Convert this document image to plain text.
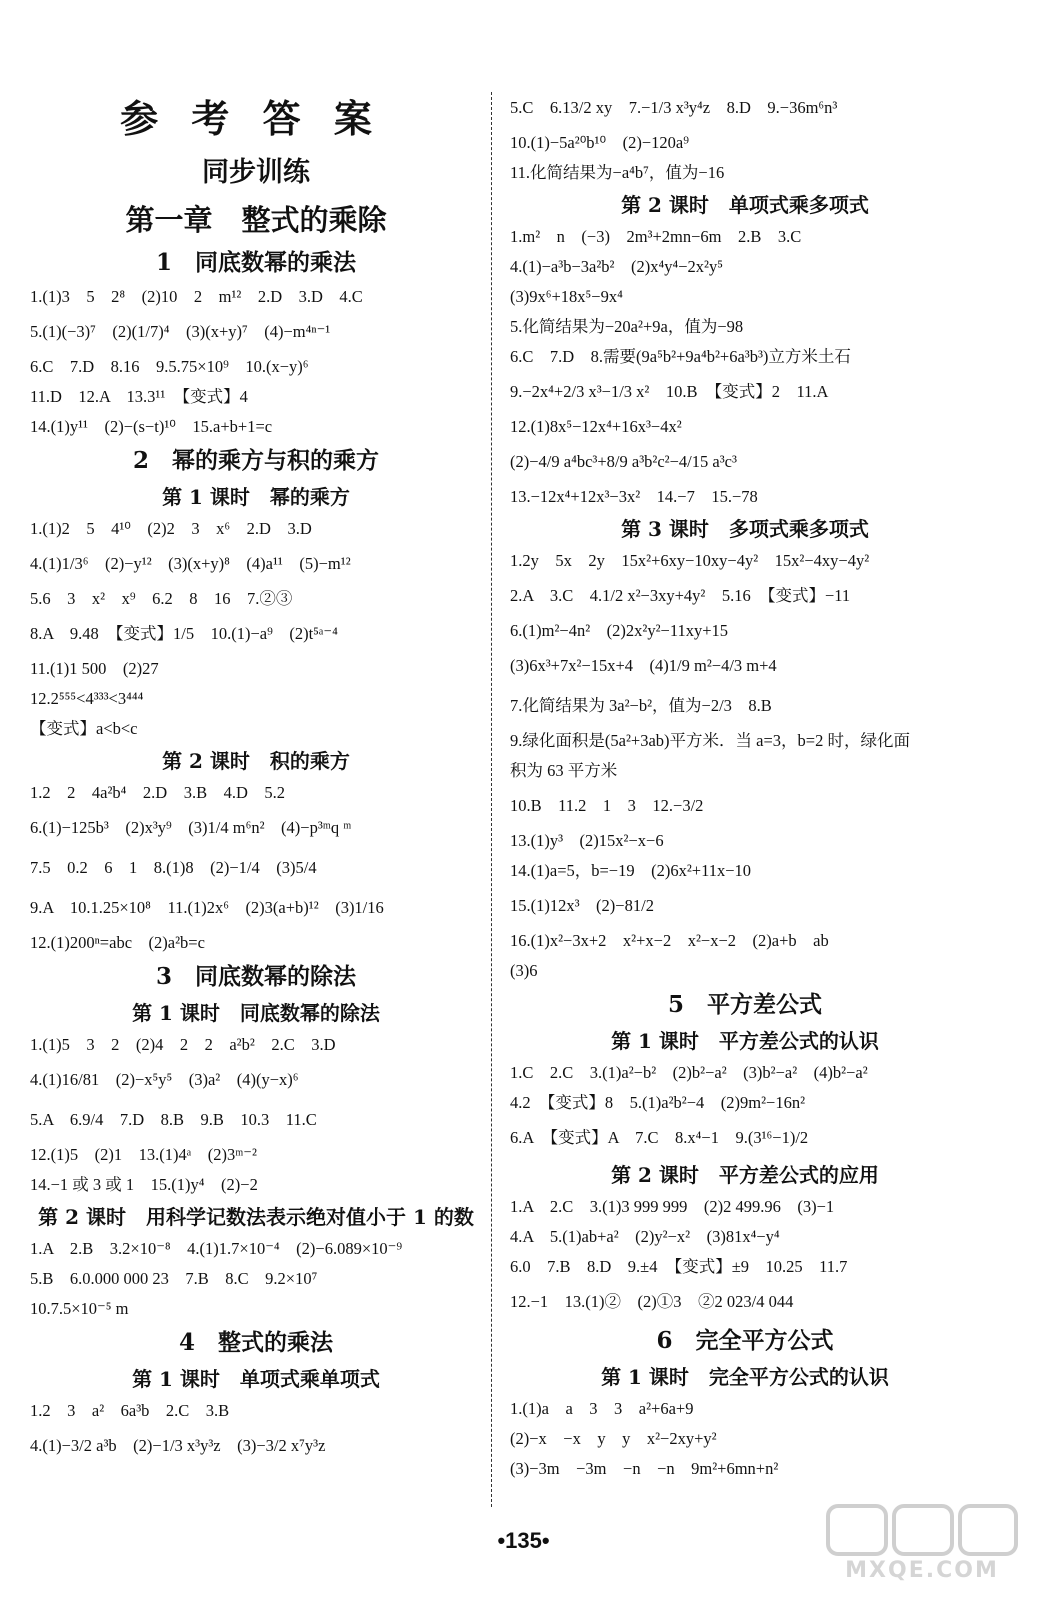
参 考 答 案
同步训练
第一章　整式的乘除
1　同底数幂的乘法
1.(1)3　5　2⁸　(2)10　2　m¹²　2.D　3.D　4.C
5.(1)(−3)⁷　(2)(1/7)⁴　(3)(x+y)⁷　(4)−m⁴ⁿ⁻¹
6.C　7.D　8.16　9.5.75×10⁹　10.(x−y)⁶
11.D　12.A　13.3¹¹　【变式】4
14.(1)y¹¹　(2)−(s−t)¹⁰　15.a+b+1=c
2　幂的乘方与积的乘方
第 1 课时　幂的乘方
1.(1)2　5　4¹⁰　(2)2　3　x⁶　2.D　3.D
4.(1)1/3⁶　(2)−y¹²　(3)(x+y)⁸　(4)a¹¹　(5)−m¹²
5.6　3　x²　x⁹　6.2　8　16　7.②③
8.A　9.48　【变式】1/5　10.(1)−a⁹　(2)t⁵ᵃ⁻⁴
11.(1)1 500　(2)27
12.2⁵⁵⁵<4³³³<3⁴⁴⁴
【变式】a<b<c
第 2 课时　积的乘方
1.2　2　4a²b⁴　2.D　3.B　4.D　5.2
6.(1)−125b³　(2)x³y⁹　(3)1/4 m⁶n²　(4)−p³ᵐq ᵐ
7.5　0.2　6　1　8.(1)8　(2)−1/4　(3)5/4
9.A　10.1.25×10⁸　11.(1)2x⁶　(2)3(a+b)¹²　(3)1/16
12.(1)200ⁿ=abc　(2)a²b=c
3　同底数幂的除法
第 1 课时　同底数幂的除法
1.(1)5　3　2　(2)4　2　2　a²b²　2.C　3.D
4.(1)16/81　(2)−x⁵y⁵　(3)a²　(4)(y−x)⁶
5.A　6.9/4　7.D　8.B　9.B　10.3　11.C
12.(1)5　(2)1　13.(1)4ᵃ　(2)3ᵐ⁻²
14.−1 或 3 或 1　15.(1)y⁴　(2)−2
第 2 课时　用科学记数法表示绝对值小于 1 的数
1.A　2.B　3.2×10⁻⁸　4.(1)1.7×10⁻⁴　(2)−6.089×10⁻⁹
5.B　6.0.000 000 23　7.B　8.C　9.2×10⁷
10.7.5×10⁻⁵ m
4　整式的乘法
第 1 课时　单项式乘单项式
1.2　3　a²　6a³b　2.C　3.B
4.(1)−3/2 a³b　(2)−1/3 x³y³z　(3)−3/2 x⁷y³z
5.C　6.13/2 xy　7.−1/3 x³y⁴z　8.D　9.−36m⁶n³
10.(1)−5a²⁰b¹⁰　(2)−120a⁹
11.化简结果为−a⁴b⁷，值为−16
第 2 课时　单项式乘多项式
1.m²　n　(−3)　2m³+2mn−6m　2.B　3.C
4.(1)−a³b−3a²b²　(2)x⁴y⁴−2x²y⁵
(3)9x⁶+18x⁵−9x⁴
5.化简结果为−20a²+9a，值为−98
6.C　7.D　8.需要(9a⁵b²+9a⁴b²+6a³b³)立方米土石
9.−2x⁴+2/3 x³−1/3 x²　10.B　【变式】2　11.A
12.(1)8x⁵−12x⁴+16x³−4x²
(2)−4/9 a⁴bc³+8/9 a³b²c²−4/15 a³c³
13.−12x⁴+12x³−3x²　14.−7　15.−78
第 3 课时　多项式乘多项式
1.2y　5x　2y　15x²+6xy−10xy−4y²　15x²−4xy−4y²
2.A　3.C　4.1/2 x²−3xy+4y²　5.16　【变式】−11
6.(1)m²−4n²　(2)2x²y²−11xy+15
(3)6x³+7x²−15x+4　(4)1/9 m²−4/3 m+4
7.化简结果为 3a²−b²，值为−2/3　8.B
9.绿化面积是(5a²+3ab)平方米．当 a=3，b=2 时，绿化面
积为 63 平方米
10.B　11.2　1　3　12.−3/2
13.(1)y³　(2)15x²−x−6
14.(1)a=5，b=−19　(2)6x²+11x−10
15.(1)12x³　(2)−81/2
16.(1)x²−3x+2　x²+x−2　x²−x−2　(2)a+b　ab
(3)6
5　平方差公式
第 1 课时　平方差公式的认识
1.C　2.C　3.(1)a²−b²　(2)b²−a²　(3)b²−a²　(4)b²−a²
4.2　【变式】8　5.(1)a²b²−4　(2)9m²−16n²
6.A　【变式】A　7.C　8.x⁴−1　9.(3¹⁶−1)/2
第 2 课时　平方差公式的应用
1.A　2.C　3.(1)3 999 999　(2)2 499.96　(3)−1
4.A　5.(1)ab+a²　(2)y²−x²　(3)81x⁴−y⁴
6.0　7.B　8.D　9.±4　【变式】±9　10.25　11.7
12.−1　13.(1)②　(2)①3　②2 023/4 044
6　完全平方公式
第 1 课时　完全平方公式的认识
1.(1)a　a　3　3　a²+6a+9
(2)−x　−x　y　y　x²−2xy+y²
(3)−3m　−3m　−n　−n　9m²+6mn+n²
•135•
MXQE.COM
